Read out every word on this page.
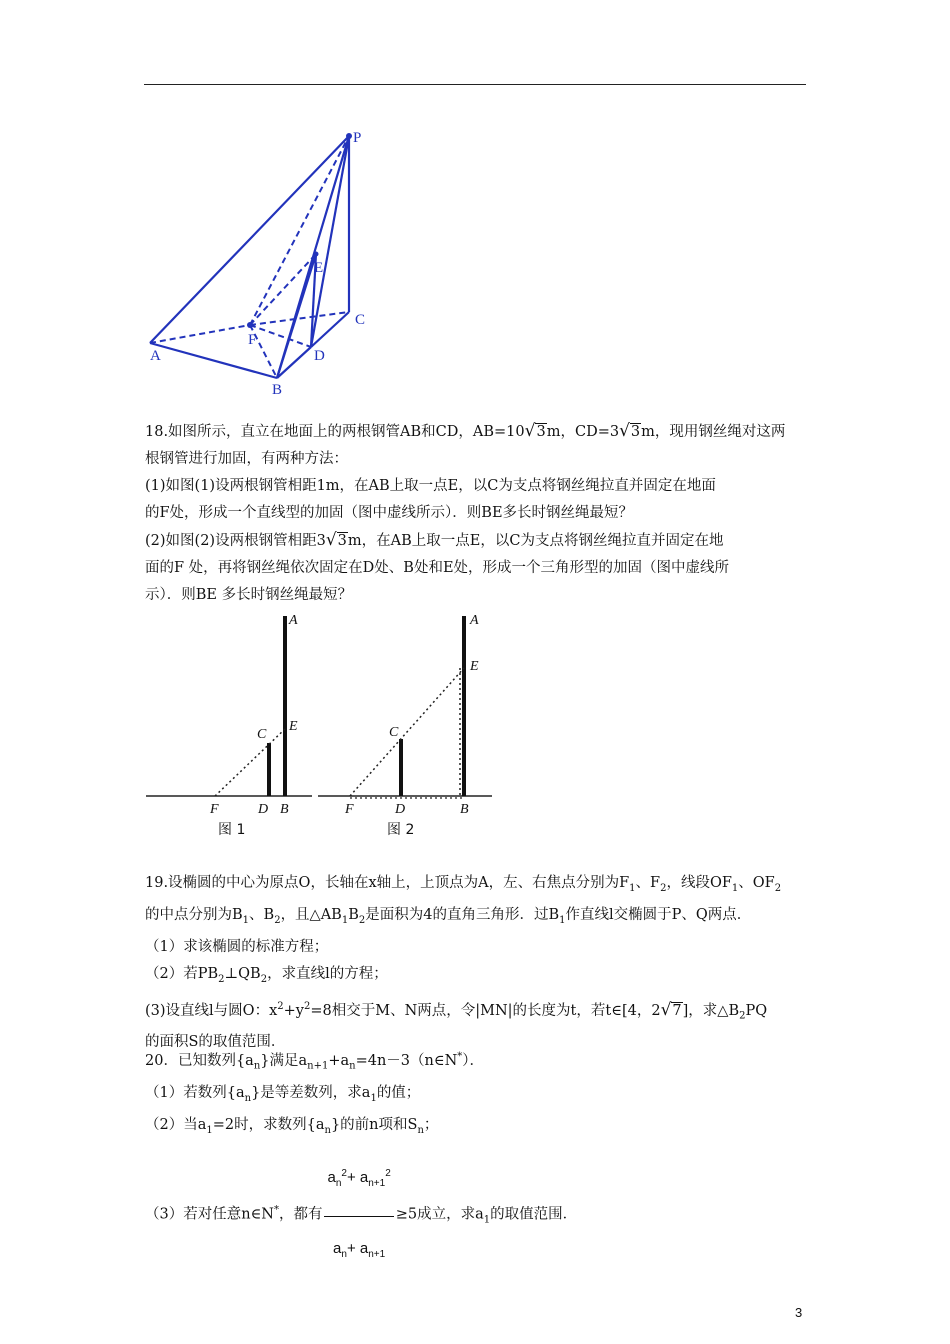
P
E
C
A
F
D
B

18.如图所示，直立在地面上的两根钢管AB和CD，AB=10√3m，CD=3√3m，现用钢丝绳对这两

根钢管进行加固，有两种方法：

(1)如图(1)设两根钢管相距1m，在AB上取一点E，以C为支点将钢丝绳拉直并固定在地面

的F处，形成一个直线型的加固（图中虚线所示）．则BE多长时钢丝绳最短？

(2)如图(2)设两根钢管相距3√3m，在AB上取一点E，以C为支点将钢丝绳拉直并固定在地

面的F 处，再将钢丝绳依次固定在D处、B处和E处，形成一个三角形型的加固（图中虚线所

示）．则BE 多长时钢丝绳最短？

A
E
C
F	D B
图 1
A
E
C
F	D	B
图 2

19.设椭圆的中心为原点O，长轴在x轴上，上顶点为A，左、右焦点分别为$F_1$、$F_2$，线段$OF_1$、$OF_2$

的中点分别为$B_1$、$B_2$，且$\triangle AB_1B_2$是面积为4的直角三角形．过$B_1$作直线l交椭圆于P、Q两点．

（1）求该椭圆的标准方程；

（2）若$PB_2\perp QB_2$，求直线l的方程；

(3)设直线l与圆O：$x^2+y^2=8$相交于M、N两点，令|MN|的长度为t，若t∈[4，2√7]，求$\triangle B_2PQ$

的面积S的取值范围．

20．已知数列$\{a_n\}$满足$a_{n+1}+a_n=4n-3(n\in N^*)$．

（1）若数列$\{a_n\}$是等差数列，求$a_1$的值；

（2）当$a_1=2$时，求数列$\{a_n\}$的前n项和$S_n$；

（3）若对任意n∈N*，都有 $\frac{a_n^2+ a_{n+1}^2}{a_n+ a_{n+1}} \ge 5$成立，求$a_1$的取值范围．

3
